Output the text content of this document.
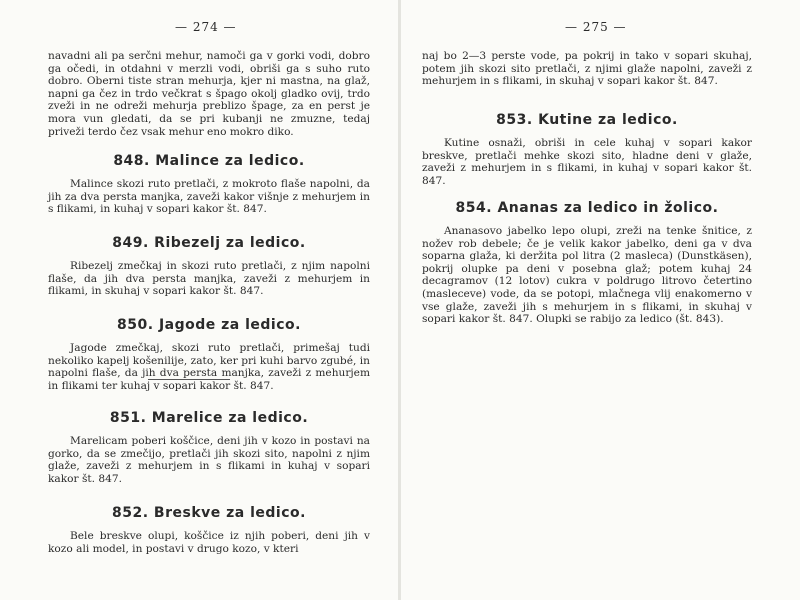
— 274 —

navadni ali pa serčni mehur, namoči ga v gorki vodi, dobro ga očedi, in otdahni v merzli vodi, obriši ga s suho ruto dobro. Oberni tiste stran mehurja, kjer ni mastna, na glaž, napni ga čez in trdo večkrat s špago okolj gladko ovij, trdo zveži in ne odreži mehurja preblizo špage, za en perst je mora vun gledati, da se pri kubanji ne zmuzne, tedaj priveži terdo čez vsak mehur eno mokro diko.

848. Malince za ledico.

Malince skozi ruto pretlači, z mokroto flaše napolni, da jih za dva persta manjka, zaveži kakor višnje z mehurjem in s flikami, in kuhaj v sopari kakor št. 847.

849. Ribezelj za ledico.

Ribezelj zmečkaj in skozi ruto pretlači, z njim napolni flaše, da jih dva persta manjka, zaveži z mehurjem in flikami, in skuhaj v sopari kakor št. 847.

850. Jagode za ledico.

Jagode zmečkaj, skozi ruto pretlači, primešaj tudi nekoliko kapelj košenilije, zato, ker pri kuhi barvo zgubé, in napolni flaše, da jih dva persta manjka, zaveži z mehurjem in flikami ter kuhaj v sopari kakor št. 847.

851. Marelice za ledico.

Marelicam poberi koščice, deni jih v kozo in postavi na gorko, da se zmečijo, pretlači jih skozi sito, napolni z njim glaže, zaveži z mehurjem in s flikami in kuhaj v sopari kakor št. 847.

852. Breskve za ledico.

Bele breskve olupi, koščice iz njih poberi, deni jih v kozo ali model, in postavi v drugo kozo, v kteri

— 275 —

naj bo 2—3 perste vode, pa pokrij in tako v sopari skuhaj, potem jih skozi sito pretlači, z njimi glaže napolni, zaveži z mehurjem in s flikami, in skuhaj v sopari kakor št. 847.

853. Kutine za ledico.

Kutine osnaži, obriši in cele kuhaj v sopari kakor breskve, pretlači mehke skozi sito, hladne deni v glaže, zaveži z mehurjem in s flikami, in kuhaj v sopari kakor št. 847.

854. Ananas za ledico in žolico.

Ananasovo jabelko lepo olupi, zreži na tenke šnitice, z nožev rob debele; če je velik kakor jabelko, deni ga v dva soparna glaža, ki deržita pol litra (2 masleca) (Dunstkäsen), pokrij olupke pa deni v posebna glaž; potem kuhaj 24 decagramov (12 lotov) cukra v poldrugo litrovo četertino (masleceve) vode, da se potopi, mlačnega vlij enakomerno v vse glaže, zaveži jih s mehurjem in s flikami, in skuhaj v sopari kakor št. 847. Olupki se rabijo za ledico (št. 843).
